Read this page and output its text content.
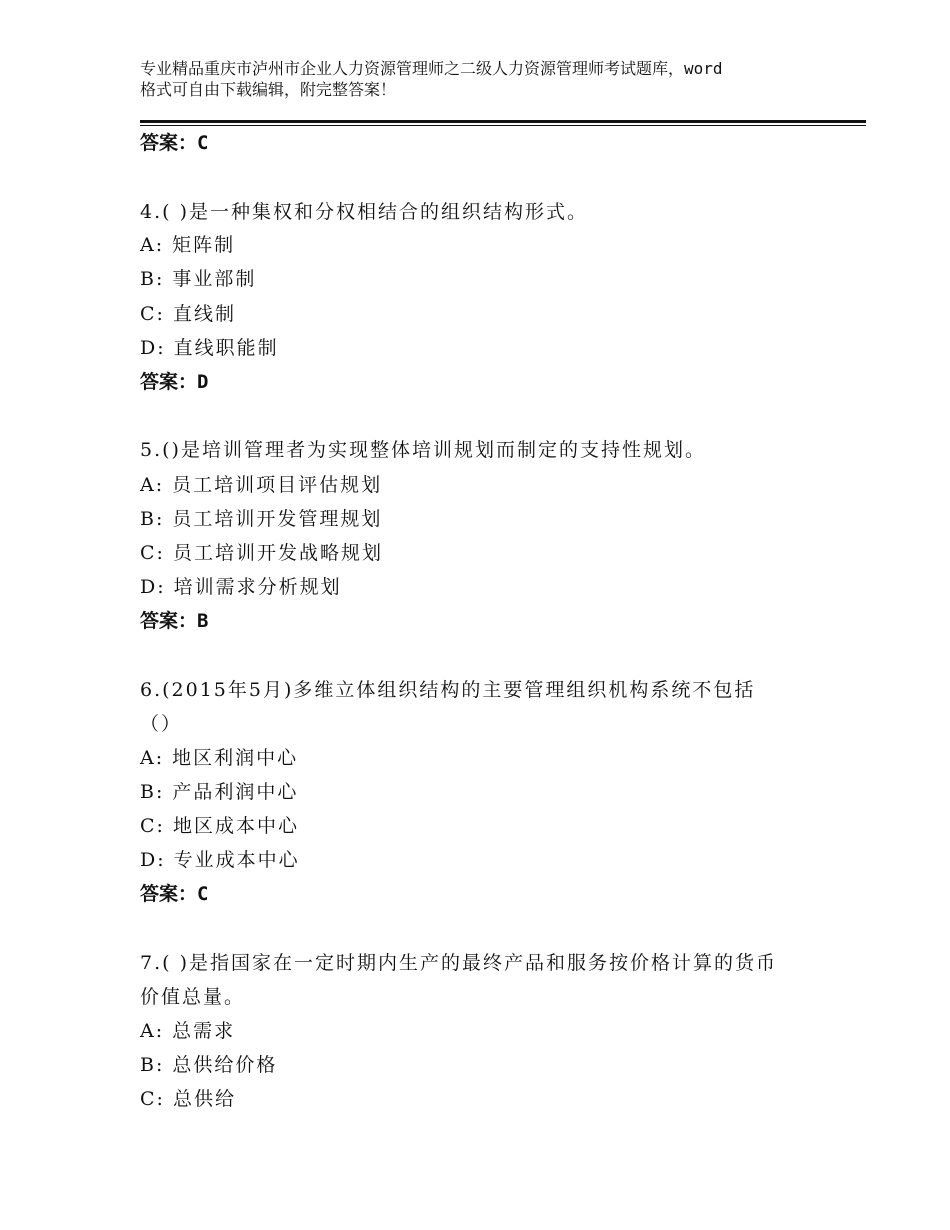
专业精品重庆市泸州市企业人力资源管理师之二级人力资源管理师考试题库，word
格式可自由下载编辑，附完整答案！
答案：C
4.( )是一种集权和分权相结合的组织结构形式。
A: 矩阵制
B: 事业部制
C: 直线制
D: 直线职能制
答案：D
5.()是培训管理者为实现整体培训规划而制定的支持性规划。
A: 员工培训项目评估规划
B: 员工培训开发管理规划
C: 员工培训开发战略规划
D: 培训需求分析规划
答案：B
6.(2015年5月)多维立体组织结构的主要管理组织机构系统不包括
（）
A: 地区利润中心
B: 产品利润中心
C: 地区成本中心
D: 专业成本中心
答案：C
7.( )是指国家在一定时期内生产的最终产品和服务按价格计算的货币
价值总量。
A: 总需求
B: 总供给价格
C: 总供给
